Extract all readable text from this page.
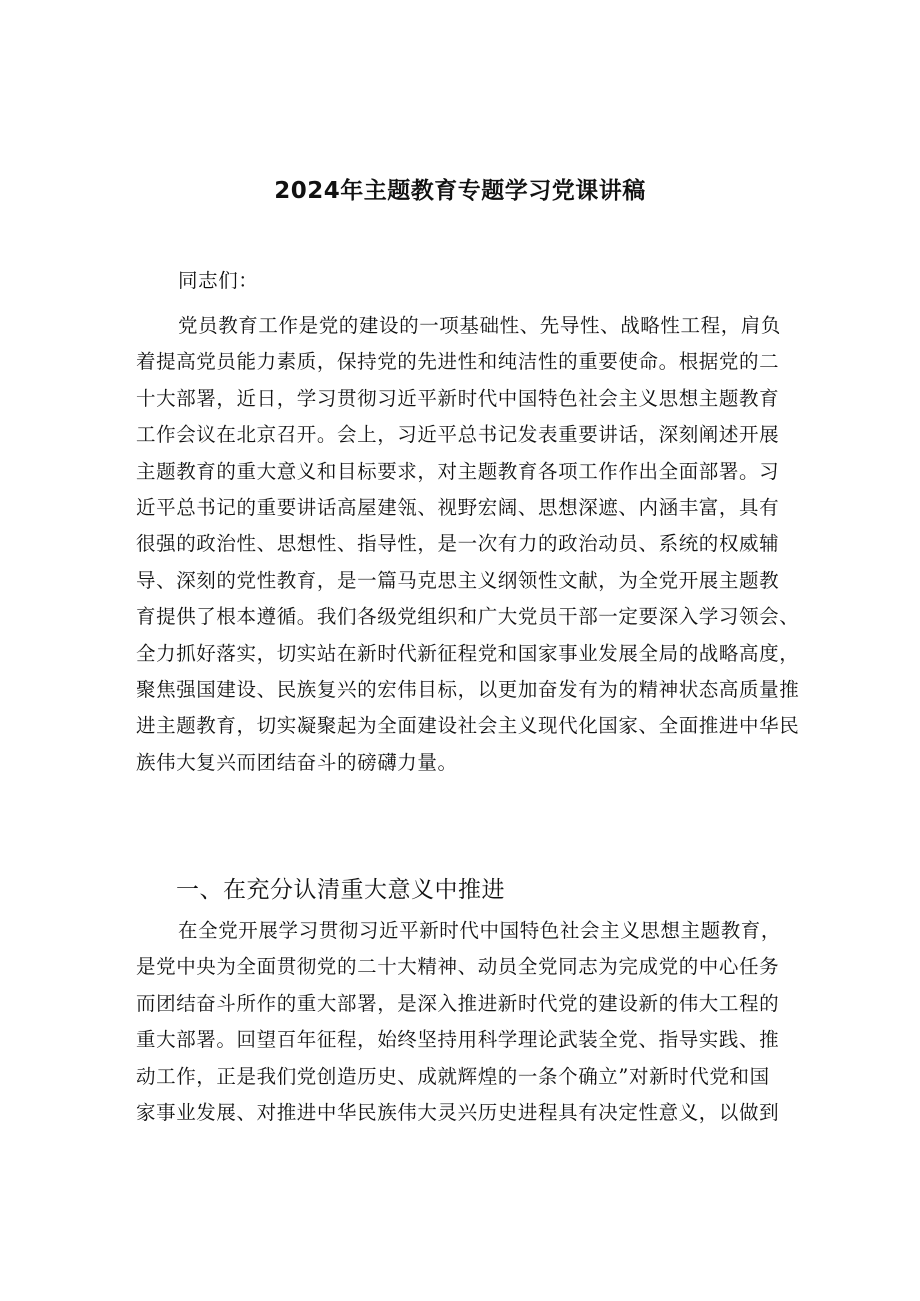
2024年主题教育专题学习党课讲稿
同志们：
党员教育工作是党的建设的一项基础性、先导性、战略性工程，肩负
着提高党员能力素质，保持党的先进性和纯洁性的重要使命。根据党的二
十大部署，近日，学习贯彻习近平新时代中国特色社会主义思想主题教育
工作会议在北京召开。会上，习近平总书记发表重要讲话，深刻阐述开展
主题教育的重大意义和目标要求，对主题教育各项工作作出全面部署。习
近平总书记的重要讲话高屋建瓴、视野宏阔、思想深遮、内涵丰富，具有
很强的政治性、思想性、指导性，是一次有力的政治动员、系统的权威辅
导、深刻的党性教育，是一篇马克思主义纲领性文献，为全党开展主题教
育提供了根本遵循。我们各级党组织和广大党员干部一定要深入学习领会、
全力抓好落实，切实站在新时代新征程党和国家事业发展全局的战略高度，
聚焦强国建设、民族复兴的宏伟目标，以更加奋发有为的精神状态高质量推
进主题教育，切实凝聚起为全面建设社会主义现代化国家、全面推进中华民
族伟大复兴而团结奋斗的磅礴力量。
一、在充分认清重大意义中推进
在全党开展学习贯彻习近平新时代中国特色社会主义思想主题教育，
是党中央为全面贯彻党的二十大精神、动员全党同志为完成党的中心任务
而团结奋斗所作的重大部署，是深入推进新时代党的建设新的伟大工程的
重大部署。回望百年征程，始终坚持用科学理论武装全党、指导实践、推
动工作，正是我们党创造历史、成就辉煌的一条个确立”对新时代党和国
家事业发展、对推进中华民族伟大灵兴历史进程具有决定性意义，以做到
